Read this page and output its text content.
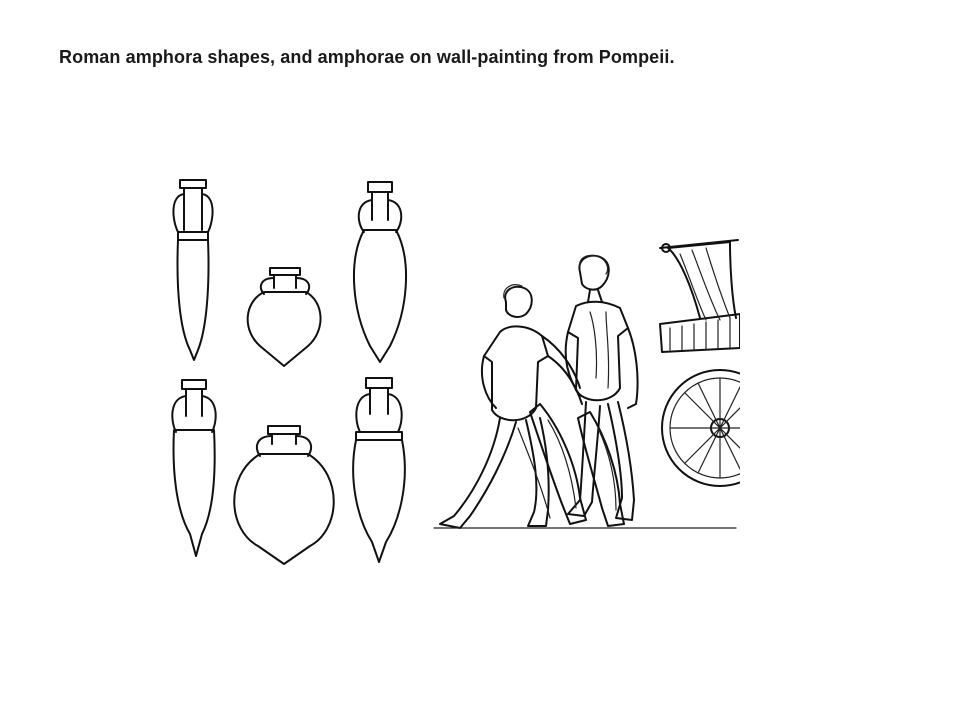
Roman amphora shapes, and amphorae on wall-painting from Pompeii.
